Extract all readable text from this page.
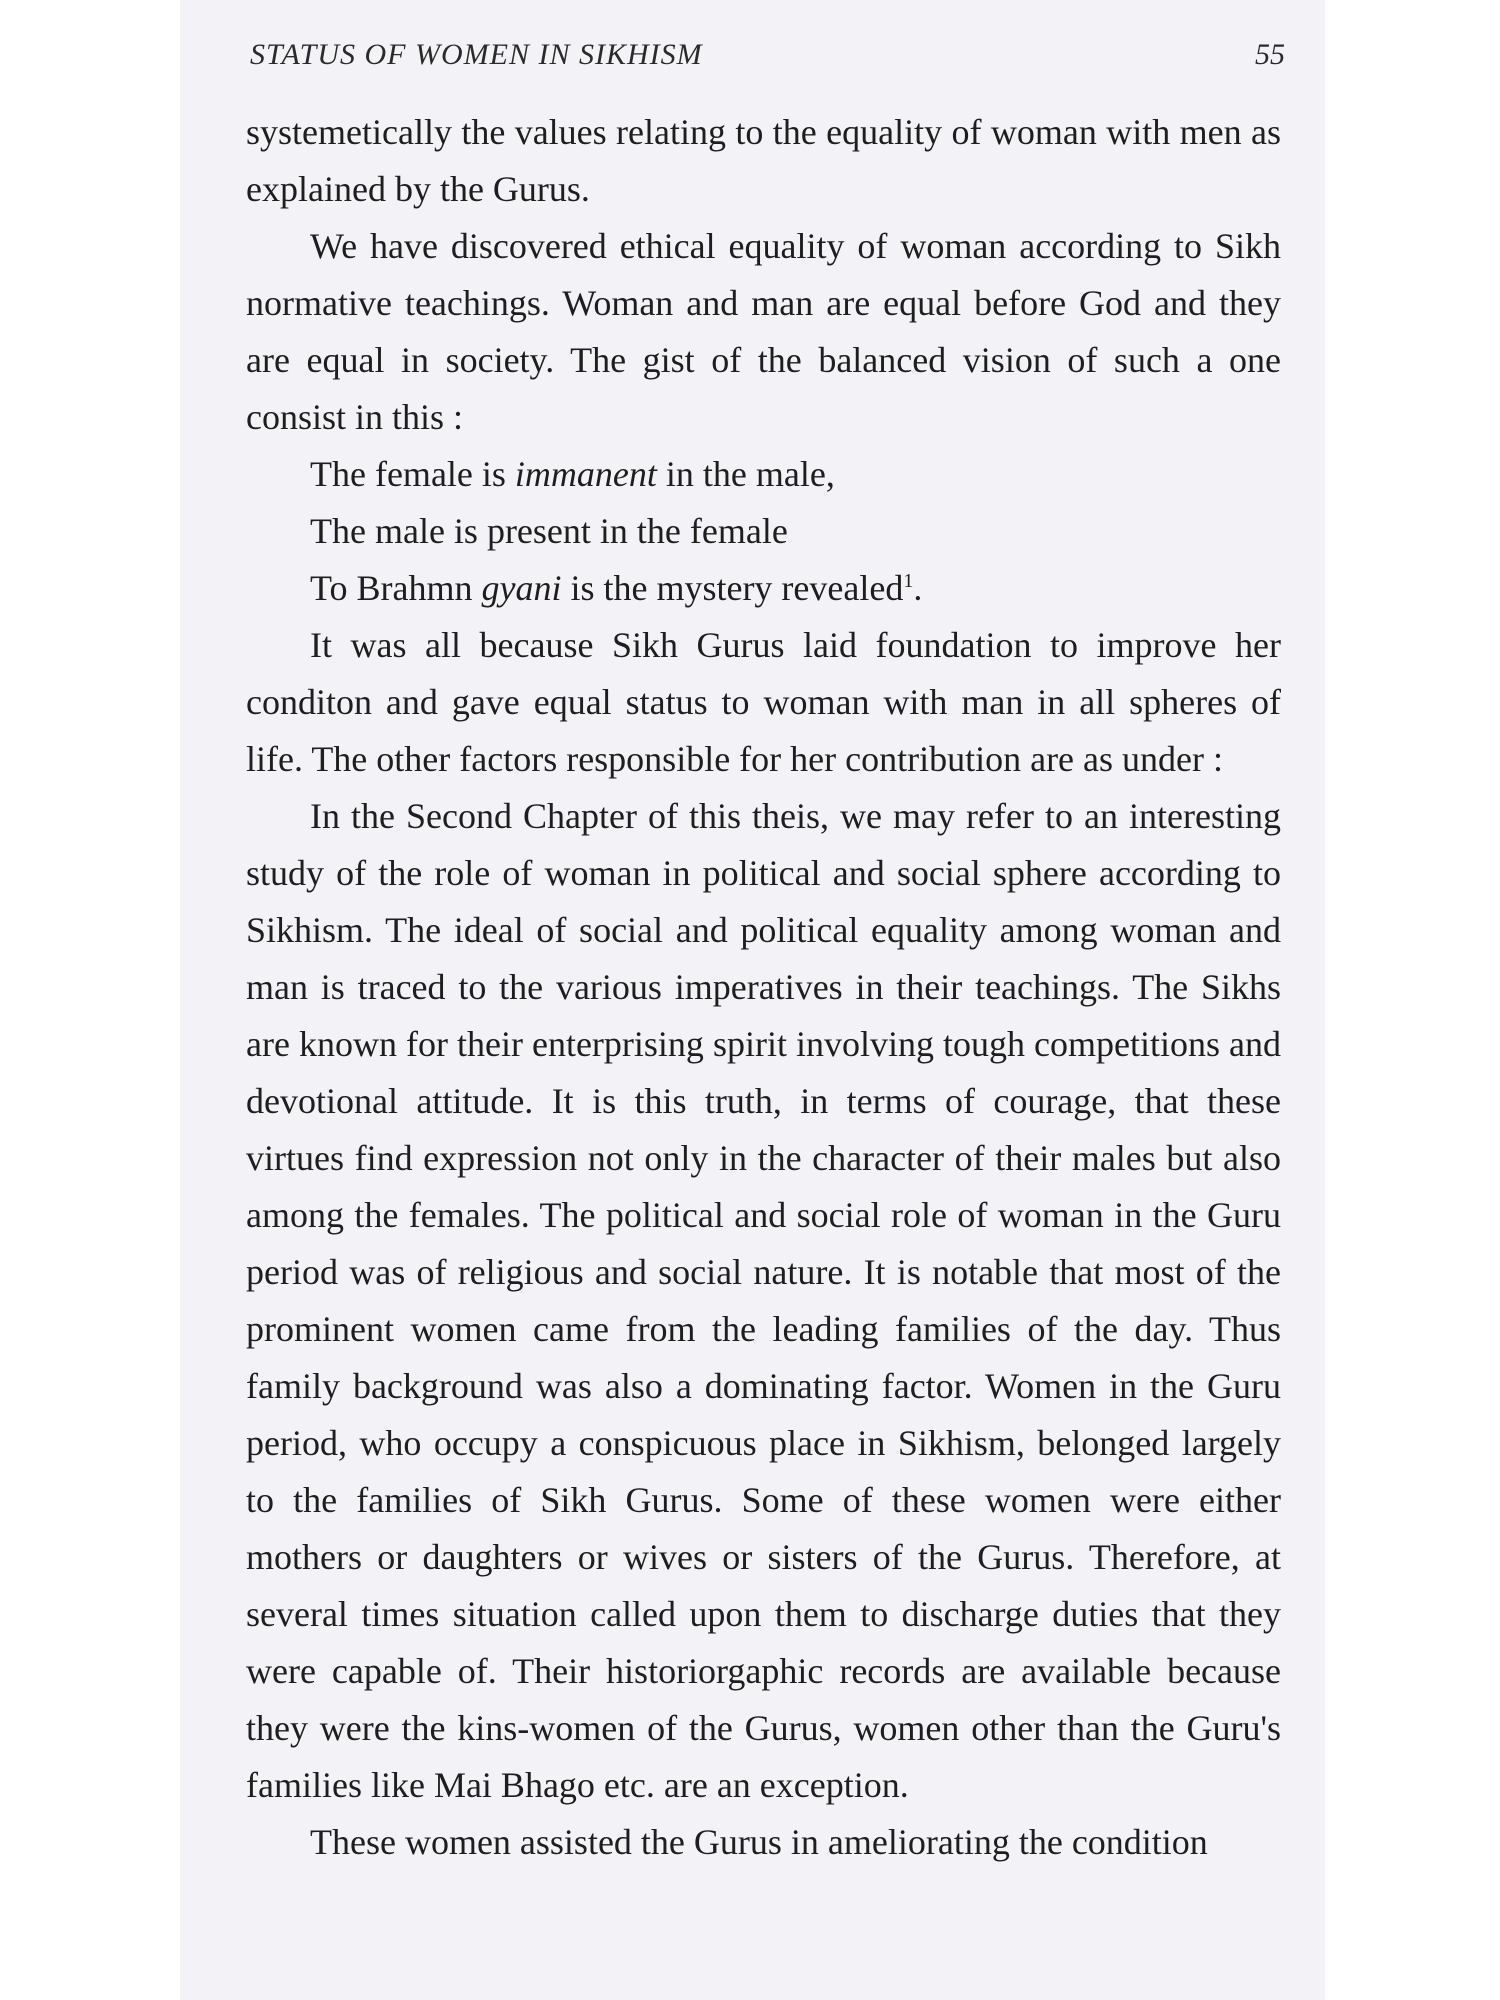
STATUS OF WOMEN IN SIKHISM	55

systemetically the values relating to the equality of woman with men as explained by the Gurus.

We have discovered ethical equality of woman according to Sikh normative teachings. Woman and man are equal before God and they are equal in society. The gist of the balanced vision of such a one consist in this :

The female is immanent in the male,
The male is present in the female
To Brahmn gyani is the mystery revealed$^1$.

It was all because Sikh Gurus laid foundation to improve her conditon and gave equal status to woman with man in all spheres of life. The other factors responsible for her contribution are as under :

In the Second Chapter of this theis, we may refer to an interesting study of the role of woman in political and social sphere according to Sikhism. The ideal of social and political equality among woman and man is traced to the various imperatives in their teachings. The Sikhs are known for their enterprising spirit involving tough competitions and devotional attitude. It is this truth, in terms of courage, that these virtues find expression not only in the character of their males but also among the females. The political and social role of woman in the Guru period was of religious and social nature. It is notable that most of the prominent women came from the leading families of the day. Thus family background was also a dominating factor. Women in the Guru period, who occupy a conspicuous place in Sikhism, belonged largely to the families of Sikh Gurus. Some of these women were either mothers or daughters or wives or sisters of the Gurus. Therefore, at several times situation called upon them to discharge duties that they were capable of. Their historiorgaphic records are available because they were the kins-women of the Gurus, women other than the Guru's families like Mai Bhago etc. are an exception.

These women assisted the Gurus in ameliorating the condition
